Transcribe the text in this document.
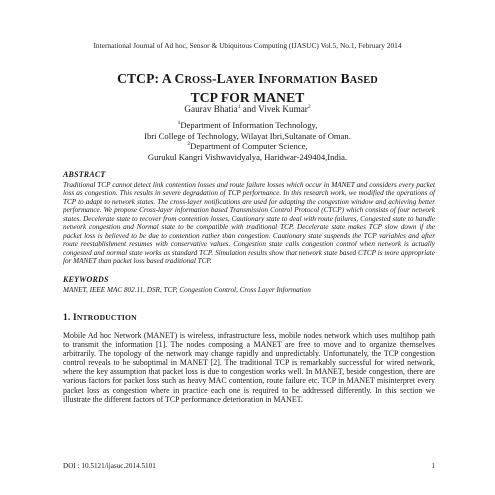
International Journal of Ad hoc, Sensor & Ubiquitous Computing (IJASUC) Vol.5, No.1, February 2014
CTCP: A CROSS-LAYER INFORMATION BASED
TCP FOR MANET
Gaurav Bhatia$^1$ and Vivek Kumar$^2$
$^1$Department of Information Technology,
Ibri College of Technology, Wilayat Ibri,Sultanate of Oman.
$^2$Department of Computer Science,
Gurukul Kangri Vishwavidyalya, Haridwar-249404,India.
ABSTRACT
Traditional TCP cannot detect link contention losses and route failure losses which occur in MANET and considers every packet loss as congestion. This results in severe degradation of TCP performance. In this research work, we modified the operations of TCP to adapt to network states. The cross-layer notifications are used for adapting the congestion window and achieving better performance. We propose Cross-layer information based Transmission Control Protocol (CTCP) which consists of four network states. Decelerate state to recover from contention losses, Cautionary state to deal with route failures, Congested state to handle network congestion and Normal state to be compatible with traditional TCP. Decelerate state makes TCP slow down if the packet loss is believed to be due to contention rather than congestion. Cautionary state suspends the TCP variables and after route reestablishment resumes with conservative values. Congestion state calls congestion control when network is actually congested and normal state works as standard TCP. Simulation results show that network state based CTCP is more appropriate for MANET than packet loss based traditional TCP.
KEYWORDS
MANET, IEEE MAC 802.11, DSR, TCP, Congestion Control, Cross Layer Information
1. INTRODUCTION
Mobile Ad hoc Network (MANET) is wireless, infrastructure less, mobile nodes network which uses multihop path to transmit the information [1]. The nodes composing a MANET are free to move and to organize themselves arbitrarily. The topology of the network may change rapidly and unpredictably. Unfortunately, the TCP congestion control reveals to be suboptimal in MANET [2]. The traditional TCP is remarkably successful for wired network, where the key assumption that packet loss is due to congestion works well. In MANET, beside congestion, there are various factors for packet loss such as heavy MAC contention, route failure etc. TCP in MANET misinterpret every packet loss as congestion where in practice each one is required to be addressed differently. In this section we illustrate the different factors of TCP performance deterioration in MANET.
DOI : 10.5121/ijasuc.2014.5101	1
